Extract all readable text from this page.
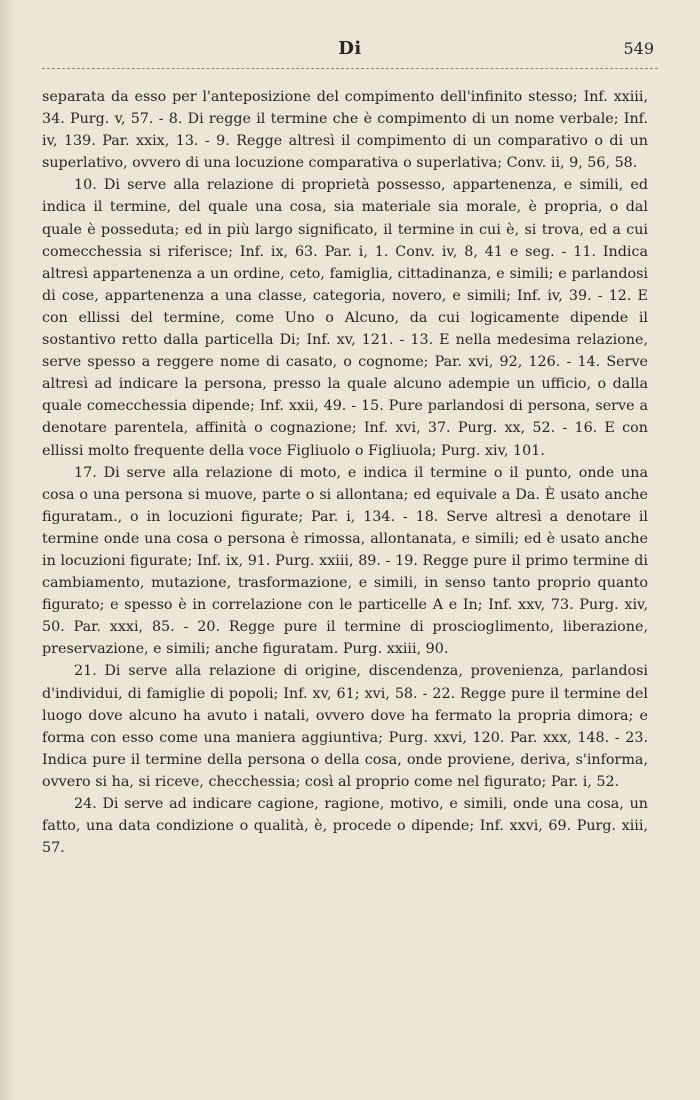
Di	549

separata da esso per l'anteposizione del compimento dell'infinito stesso; Inf. xxiii, 34. Purg. v, 57. - 8. Di regge il termine che è compimento di un nome verbale; Inf. iv, 139. Par. xxix, 13. - 9. Regge altresì il compimento di un comparativo o di un superlativo, ovvero di una locuzione comparativa o superlativa; Conv. ii, 9, 56, 58.

10. Di serve alla relazione di proprietà possesso, appartenenza, e simili, ed indica il termine, del quale una cosa, sia materiale sia morale, è propria, o dal quale è posseduta; ed in più largo significato, il termine in cui è, si trova, ed a cui comecchessia si riferisce; Inf. ix, 63. Par. i, 1. Conv. iv, 8, 41 e seg. - 11. Indica altresì appartenenza a un ordine, ceto, famiglia, cittadinanza, e simili; e parlandosi di cose, appartenenza a una classe, categoria, novero, e simili; Inf. iv, 39. - 12. E con ellissi del termine, come Uno o Alcuno, da cui logicamente dipende il sostantivo retto dalla particella Di; Inf. xv, 121. - 13. E nella medesima relazione, serve spesso a reggere nome di casato, o cognome; Par. xvi, 92, 126. - 14. Serve altresì ad indicare la persona, presso la quale alcuno adempie un ufficio, o dalla quale comecchessia dipende; Inf. xxii, 49. - 15. Pure parlandosi di persona, serve a denotare parentela, affinità o cognazione; Inf. xvi, 37. Purg. xx, 52. - 16. E con ellissi molto frequente della voce Figliuolo o Figliuola; Purg. xiv, 101.

17. Di serve alla relazione di moto, e indica il termine o il punto, onde una cosa o una persona si muove, parte o si allontana; ed equivale a Da. È usato anche figuratam., o in locuzioni figurate; Par. i, 134. - 18. Serve altresì a denotare il termine onde una cosa o persona è rimossa, allontanata, e simili; ed è usato anche in locuzioni figurate; Inf. ix, 91. Purg. xxiii, 89. - 19. Regge pure il primo termine di cambiamento, mutazione, trasformazione, e simili, in senso tanto proprio quanto figurato; e spesso è in correlazione con le particelle A e In; Inf. xxv, 73. Purg. xiv, 50. Par. xxxi, 85. - 20. Regge pure il termine di proscioglimento, liberazione, preservazione, e simili; anche figuratam. Purg. xxiii, 90.

21. Di serve alla relazione di origine, discendenza, provenienza, parlandosi d'individui, di famiglie di popoli; Inf. xv, 61; xvi, 58. - 22. Regge pure il termine del luogo dove alcuno ha avuto i natali, ovvero dove ha fermato la propria dimora; e forma con esso come una maniera aggiuntiva; Purg. xxvi, 120. Par. xxx, 148. - 23. Indica pure il termine della persona o della cosa, onde proviene, deriva, s'informa, ovvero si ha, si riceve, checchessia; così al proprio come nel figurato; Par. i, 52.

24. Di serve ad indicare cagione, ragione, motivo, e simili, onde una cosa, un fatto, una data condizione o qualità, è, procede o dipende; Inf. xxvi, 69. Purg. xiii, 57.
